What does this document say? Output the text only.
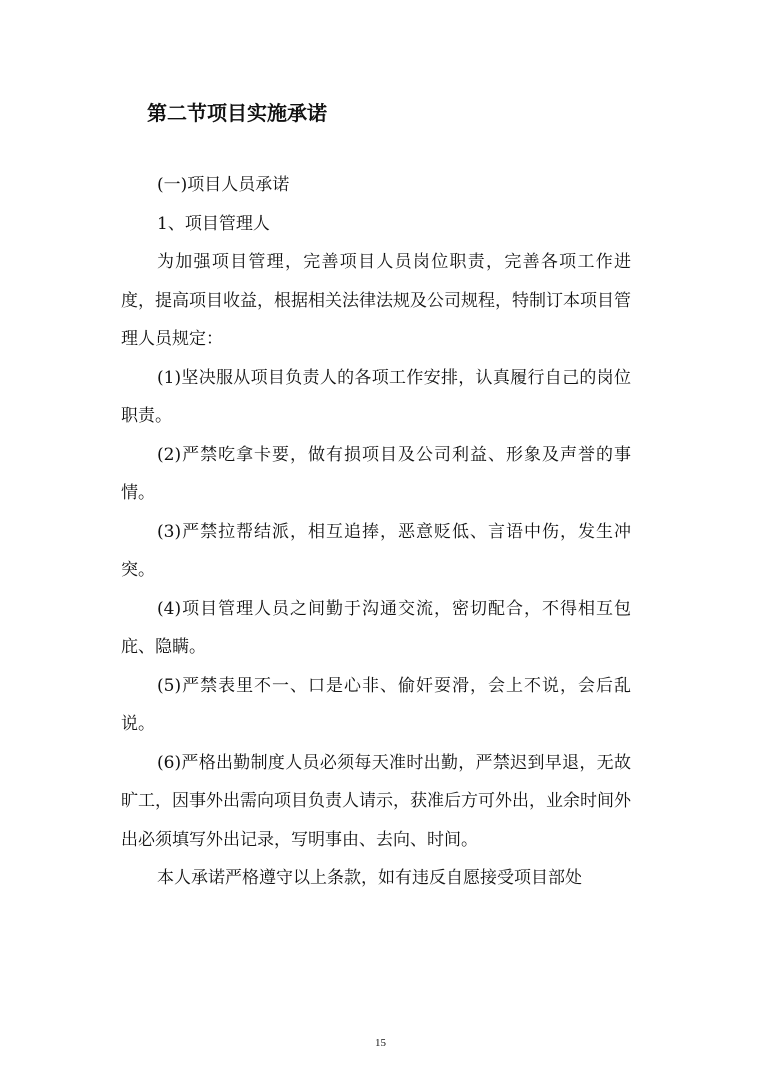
第二节项目实施承诺

(一)项目人员承诺

1、项目管理人

为加强项目管理，完善项目人员岗位职责，完善各项工作进度，提高项目收益，根据相关法律法规及公司规程，特制订本项目管理人员规定：

(1)坚决服从项目负责人的各项工作安排，认真履行自己的岗位职责。

(2)严禁吃拿卡要，做有损项目及公司利益、形象及声誉的事情。

(3)严禁拉帮结派，相互追捧，恶意贬低、言语中伤，发生冲突。

(4)项目管理人员之间勤于沟通交流，密切配合，不得相互包庇、隐瞒。

(5)严禁表里不一、口是心非、偷奸耍滑，会上不说，会后乱说。

(6)严格出勤制度人员必须每天准时出勤，严禁迟到早退，无故旷工，因事外出需向项目负责人请示，获准后方可外出，业余时间外出必须填写外出记录，写明事由、去向、时间。

本人承诺严格遵守以上条款，如有违反自愿接受项目部处

15
